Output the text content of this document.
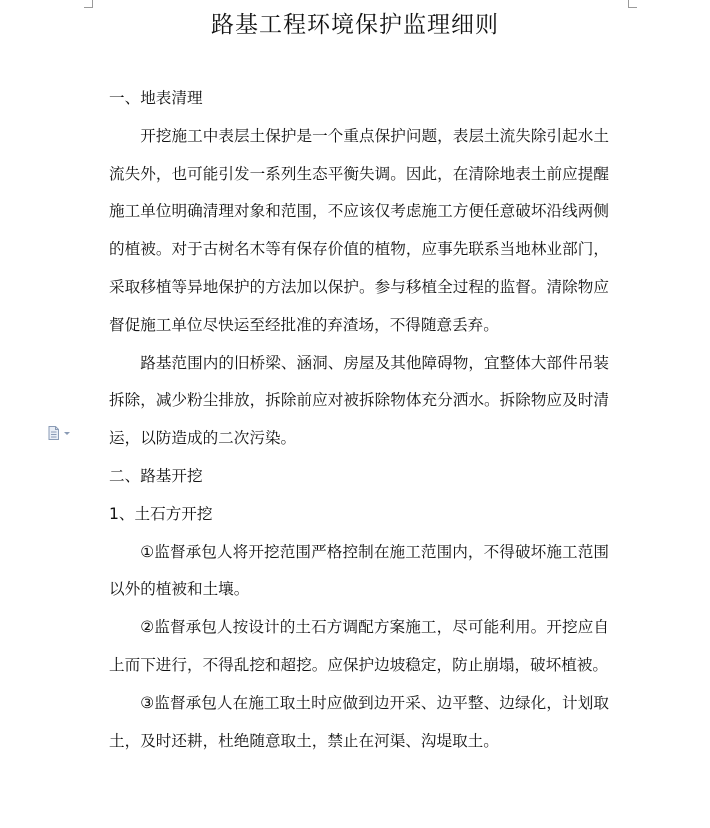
路基工程环境保护监理细则

一、地表清理

开挖施工中表层土保护是一个重点保护问题，表层土流失除引起水土流失外，也可能引发一系列生态平衡失调。因此，在清除地表土前应提醒施工单位明确清理对象和范围，不应该仅考虑施工方便任意破坏沿线两侧的植被。对于古树名木等有保存价值的植物，应事先联系当地林业部门，采取移植等异地保护的方法加以保护。参与移植全过程的监督。清除物应督促施工单位尽快运至经批准的弃渣场，不得随意丢弃。

路基范围内的旧桥梁、涵洞、房屋及其他障碍物，宜整体大部件吊装拆除，减少粉尘排放，拆除前应对被拆除物体充分洒水。拆除物应及时清运，以防造成的二次污染。

二、路基开挖

1、土石方开挖

①监督承包人将开挖范围严格控制在施工范围内，不得破坏施工范围以外的植被和土壤。

②监督承包人按设计的土石方调配方案施工，尽可能利用。开挖应自上而下进行，不得乱挖和超挖。应保护边坡稳定，防止崩塌，破坏植被。

③监督承包人在施工取土时应做到边开采、边平整、边绿化，计划取土，及时还耕，杜绝随意取土，禁止在河渠、沟堤取土。
